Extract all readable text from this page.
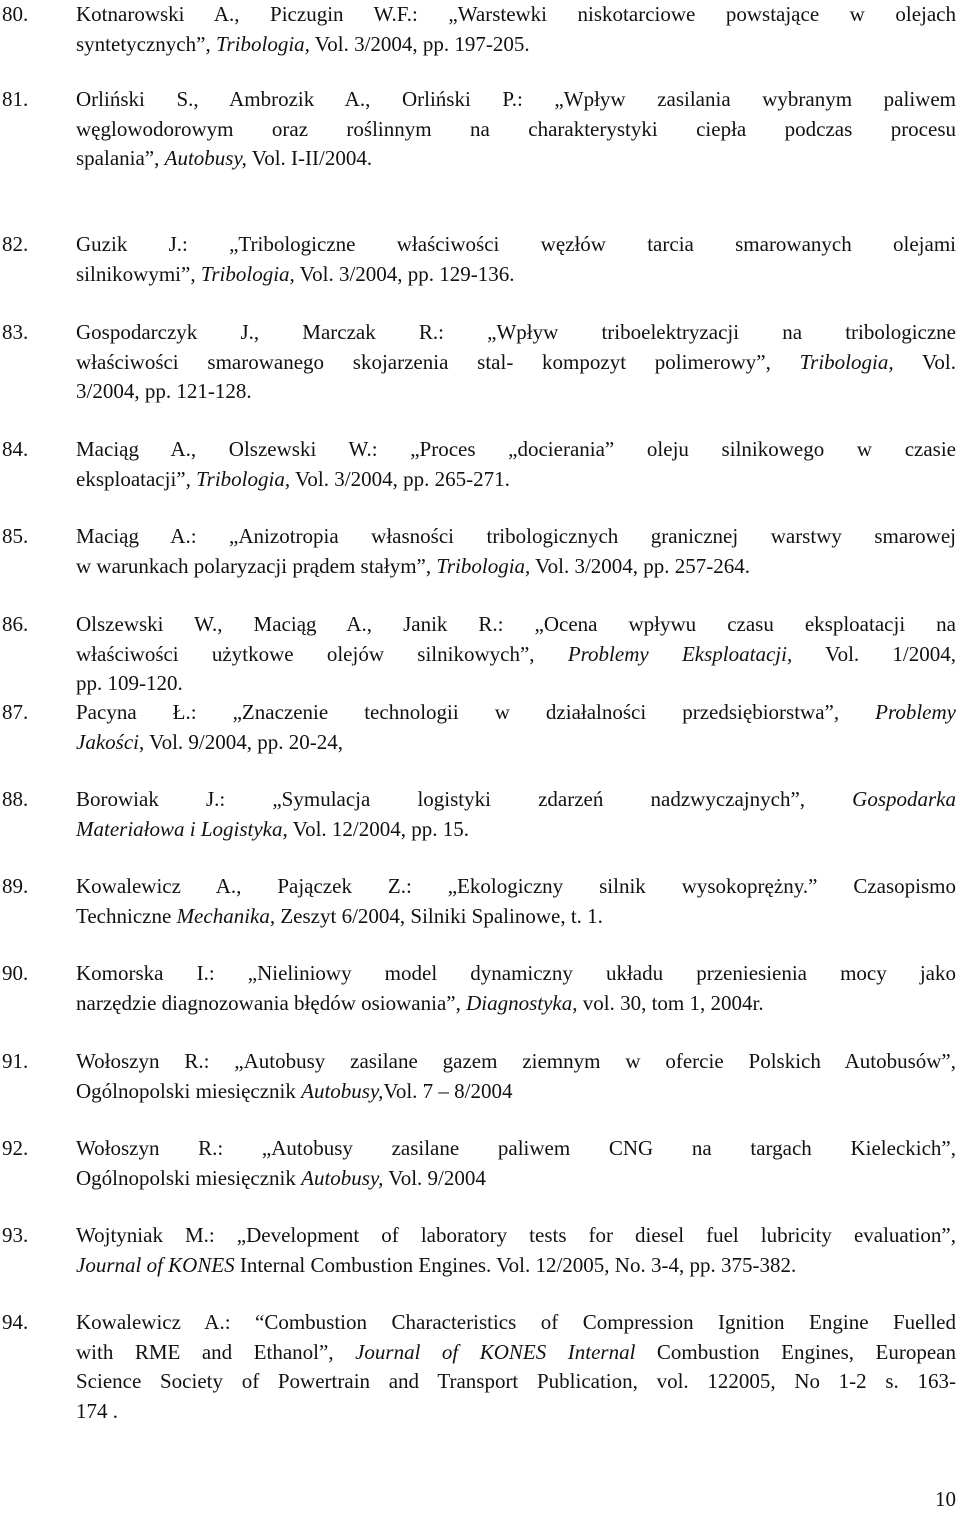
80.	Kotnarowski A., Piczugin W.F.: „Warstewki niskotarciowe powstające w olejach
syntetycznych”, Tribologia, Vol. 3/2004, pp. 197-205.
81.	Orliński S., Ambrozik A., Orliński P.: „Wpływ zasilania wybranym paliwem
węglowodorowym oraz roślinnym na charakterystyki ciepła podczas procesu
spalania”, Autobusy, Vol. I-II/2004.
82.	Guzik J.: „Tribologiczne właściwości węzłów tarcia smarowanych olejami
silnikowymi”, Tribologia, Vol. 3/2004, pp. 129-136.
83.	Gospodarczyk J., Marczak R.: „Wpływ triboelektryzacji na tribologiczne
właściwości smarowanego skojarzenia stal- kompozyt polimerowy”, Tribologia, Vol.
3/2004, pp. 121-128.
84.	Maciąg A., Olszewski W.: „Proces „docierania” oleju silnikowego w czasie
eksploatacji”, Tribologia, Vol. 3/2004, pp. 265-271.
85.	Maciąg A.: „Anizotropia własności tribologicznych granicznej warstwy smarowej
w warunkach polaryzacji prądem stałym”, Tribologia, Vol. 3/2004, pp. 257-264.
86.	Olszewski W., Maciąg A., Janik R.: „Ocena wpływu czasu eksploatacji na
właściwości użytkowe olejów silnikowych”, Problemy Eksploatacji, Vol. 1/2004,
pp. 109-120.
87.	Pacyna Ł.: „Znaczenie technologii w działalności przedsiębiorstwa”, Problemy
Jakości, Vol. 9/2004, pp. 20-24,
88.	Borowiak J.: „Symulacja logistyki zdarzeń nadzwyczajnych”, Gospodarka
Materiałowa i Logistyka, Vol. 12/2004, pp. 15.
89.	Kowalewicz A., Pajączek Z.: „Ekologiczny silnik wysokoprężny.” Czasopismo
Techniczne Mechanika, Zeszyt 6/2004, Silniki Spalinowe, t. 1.
90.	Komorska I.: „Nieliniowy model dynamiczny układu przeniesienia mocy jako
narzędzie diagnozowania błędów osiowania”, Diagnostyka, vol. 30, tom 1, 2004r.
91.	Wołoszyn R.: „Autobusy zasilane gazem ziemnym w ofercie Polskich Autobusów”,
Ogólnopolski miesięcznik Autobusy,Vol. 7 – 8/2004
92.	Wołoszyn R.: „Autobusy zasilane paliwem CNG na targach Kieleckich”,
Ogólnopolski miesięcznik Autobusy, Vol. 9/2004
93.	Wojtyniak M.: „Development of laboratory tests for diesel fuel lubricity evaluation”,
Journal of KONES Internal Combustion Engines. Vol. 12/2005, No. 3-4, pp. 375-382.
94.	Kowalewicz A.: “Combustion Characteristics of Compression Ignition Engine Fuelled
with RME and Ethanol”, Journal of KONES Internal Combustion Engines, European
Science Society of Powertrain and Transport Publication, vol. 122005, No 1-2 s. 163-
174 .
10
